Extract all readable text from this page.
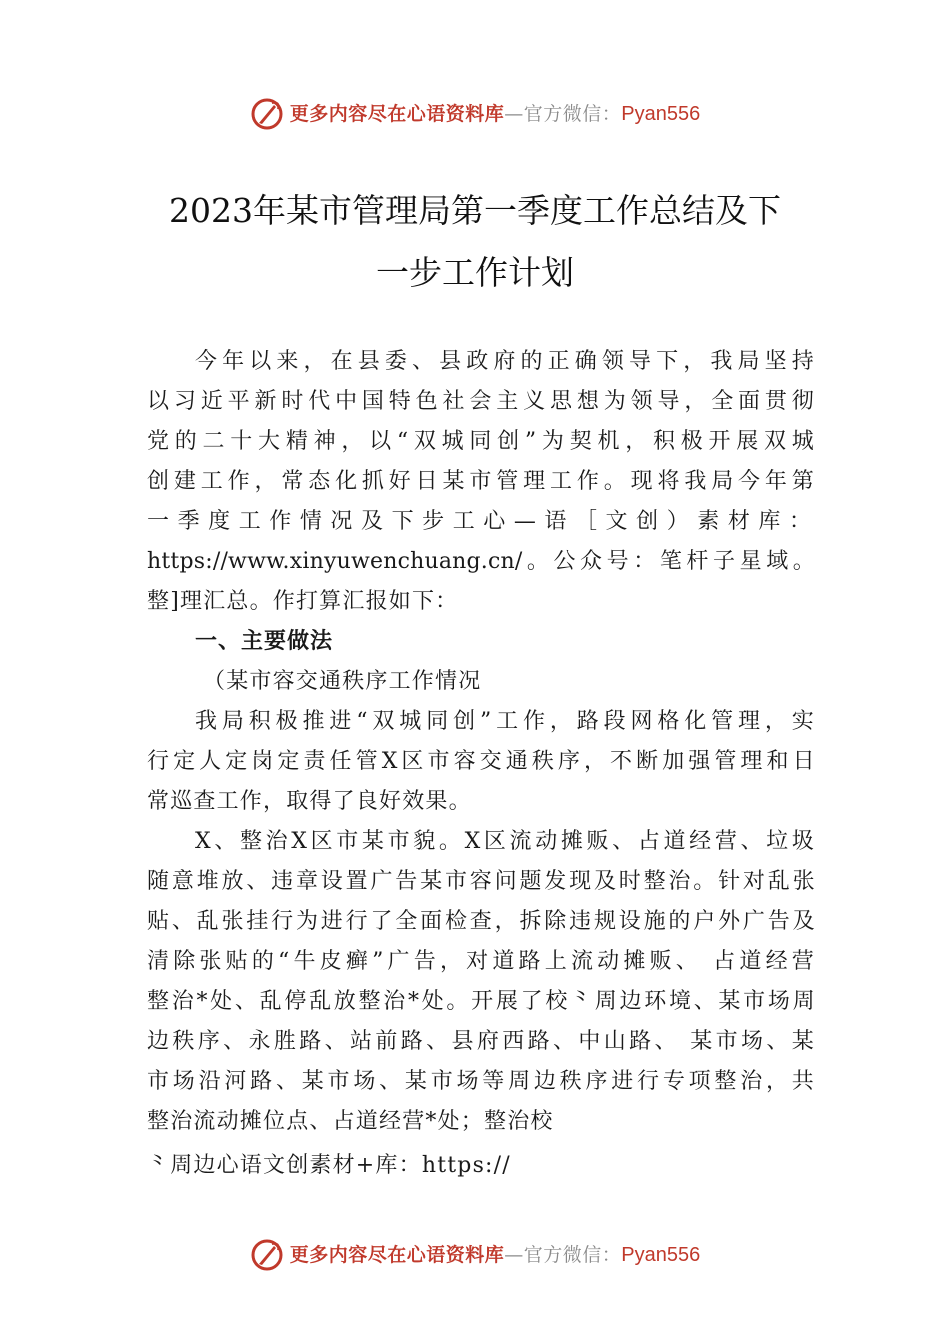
更多内容尽在心语资料库 —官方微信： Pyan556
2023年某市管理局第一季度工作总结及下
一步工作计划
今年以来，在县委、县政府的正确领导下，我局坚持
以习近平新时代中国特色社会主义思想为领导，全面贯彻
党的二十大精神，以“双城同创”为契机，积极开展双城
创建工作，常态化抓好日某市管理工作。现将我局今年第
一季度工作情况及下步工心—语［文创）素材库：
https://www.xinyuwenchuang.cn/。公众号：笔杆子星域。
整]理汇总。作打算汇报如下：
一、主要做法
（某市容交通秩序工作情况
我局积极推进“双城同创”工作，路段网格化管理，实
行定人定岗定责任管X区市容交通秩序，不断加强管理和日
常巡查工作，取得了良好效果。
X、整治X区市某市貌。X区流动摊贩、占道经营、垃圾
随意堆放、违章设置广告某市容问题发现及时整治。针对乱张
贴、乱张挂行为进行了全面检查，拆除违规设施的户外广告及
清除张贴的“牛皮癣”广告，对道路上流动摊贩、 占道经营
整治*处、乱停乱放整治*处。开展了校⺀周边环境、某市场周
边秩序、永胜路、站前路、县府西路、中山路、 某市场、某
市场沿河路、某市场、某市场等周边秩序进行专项整治，共
整治流动摊位点、占道经营*处；整治校
⺀周边心语文创素材+库：https://
更多内容尽在心语资料库 —官方微信： Pyan556
